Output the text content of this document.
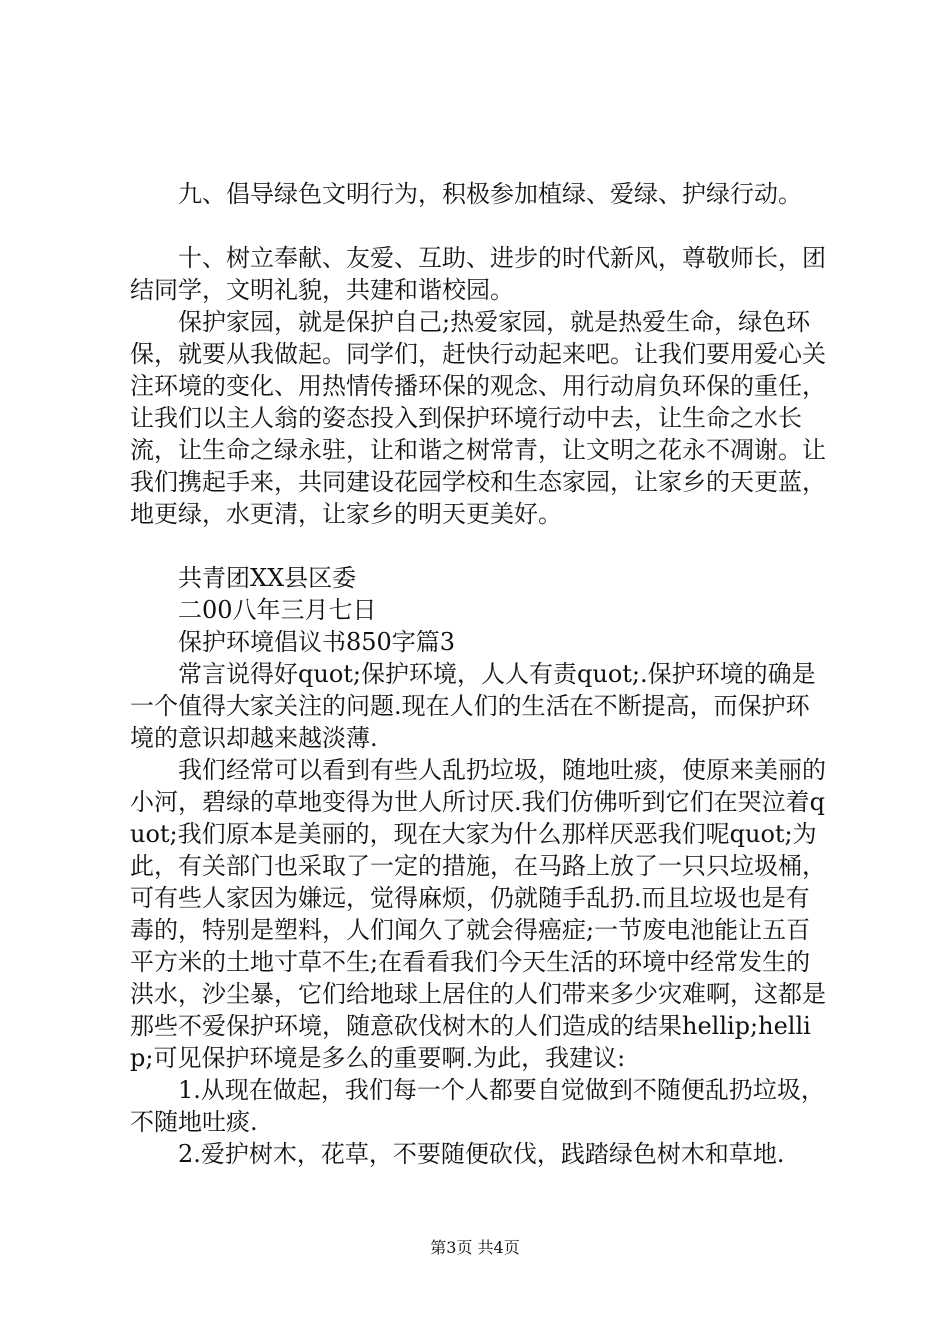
九、倡导绿色文明行为，积极参加植绿、爱绿、护绿行动。

十、树立奉献、友爱、互助、进步的时代新风，尊敬师长，团结同学，文明礼貌，共建和谐校园。

保护家园，就是保护自己;热爱家园，就是热爱生命，绿色环保，就要从我做起。同学们，赶快行动起来吧。让我们要用爱心关注环境的变化、用热情传播环保的观念、用行动肩负环保的重任，让我们以主人翁的姿态投入到保护环境行动中去，让生命之水长流，让生命之绿永驻，让和谐之树常青，让文明之花永不凋谢。让我们携起手来，共同建设花园学校和生态家园，让家乡的天更蓝，地更绿，水更清，让家乡的明天更美好。

共青团XX县区委

二00八年三月七日

保护环境倡议书850字篇3

常言说得好quot;保护环境，人人有责quot;.保护环境的确是一个值得大家关注的问题.现在人们的生活在不断提高，而保护环境的意识却越来越淡薄.

我们经常可以看到有些人乱扔垃圾，随地吐痰，使原来美丽的小河，碧绿的草地变得为世人所讨厌.我们仿佛听到它们在哭泣着quot;我们原本是美丽的，现在大家为什么那样厌恶我们呢quot;为此，有关部门也采取了一定的措施，在马路上放了一只只垃圾桶，可有些人家因为嫌远，觉得麻烦，仍就随手乱扔.而且垃圾也是有毒的，特别是塑料，人们闻久了就会得癌症;一节废电池能让五百平方米的土地寸草不生;在看看我们今天生活的环境中经常发生的洪水，沙尘暴，它们给地球上居住的人们带来多少灾难啊，这都是那些不爱保护环境，随意砍伐树木的人们造成的结果hellip;hellip;可见保护环境是多么的重要啊.为此，我建议:

1.从现在做起，我们每一个人都要自觉做到不随便乱扔垃圾，不随地吐痰.

2.爱护树木，花草，不要随便砍伐，践踏绿色树木和草地.

第3页 共4页
